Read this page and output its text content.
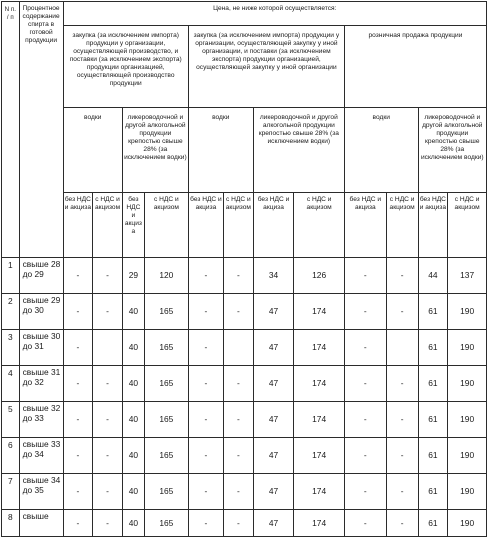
N п. / п	Процентное содержание спирта в готовой продукции	Цена, не ниже которой осуществляется:											
		закупка (за исключением импорта) продукции у организации, осуществляющей производство, и поставки (за исключением экспорта) продукции организацией, осуществляющей производство продукции				закупка (за исключением импорта) продукции у организации, осуществляющей закупку у иной организации, и поставки (за исключением экспорта) продукции организацией, осуществляющей закупку у иной организации				розничная продажа продукции			
		водки		ликероводочной и другой алкогольной продукции крепостью свыше 28% (за исключением водки)		водки		ликероводочной и другой алкогольной продукции крепостью свыше 28% (за исключением водки)		водки		ликероводочной и другой алкогольной продукции крепостью свыше 28% (за исключением водки)	
		без НДС и акциза	с НДС и акцизом	без НДС и акциза	с НДС и акцизом	без НДС и акциза	с НДС и акцизом	без НДС и акциза	с НДС и акцизом	без НДС и акциза	с НДС и акцизом	без НДС и акциза	с НДС и акцизом
1	свыше 28 до 29	-	-	29	120	-	-	34	126	-	-	44	137
2	свыше 29 до 30	-	-	40	165	-	-	47	174	-	-	61	190
3	свыше 30 до 31	-		40	165	-		47	174	-		61	190
4	свыше 31 до 32	-	-	40	165	-	-	47	174	-	-	61	190
5	свыше 32 до 33	-	-	40	165	-	-	47	174	-	-	61	190
6	свыше 33 до 34	-	-	40	165	-	-	47	174	-	-	61	190
7	свыше 34 до 35	-	-	40	165	-	-	47	174	-	-	61	190
8	свыше	-	-	40	165	-	-	47	174	-	-	61	190
